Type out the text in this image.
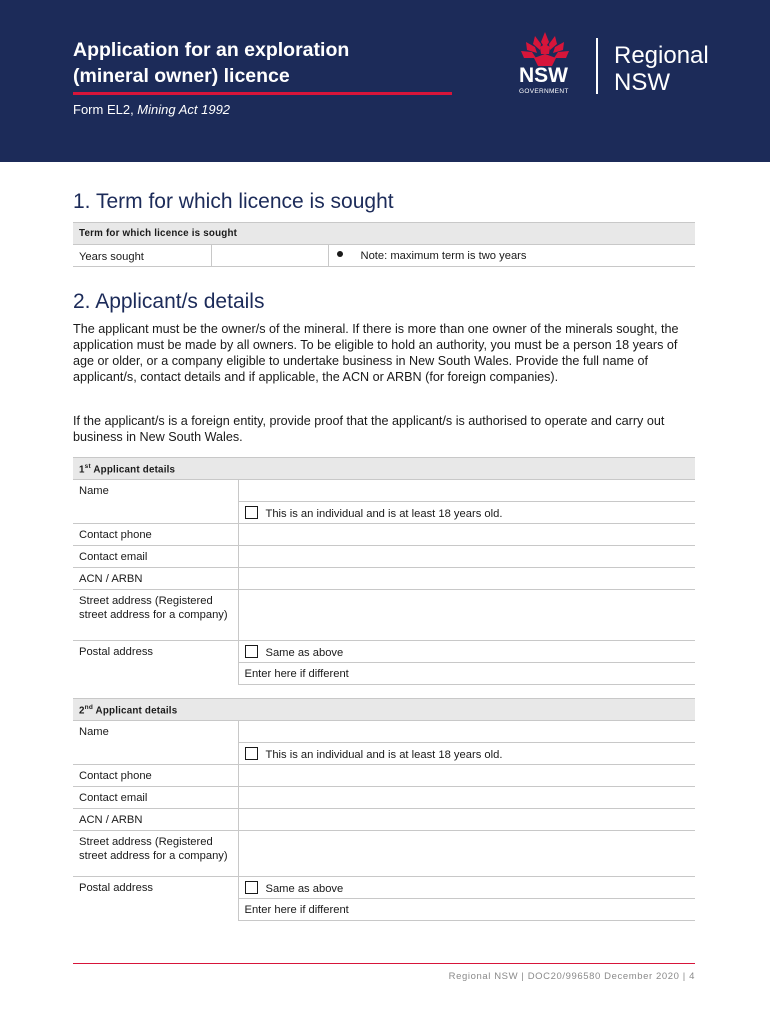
Application for an exploration
(mineral owner) licence
Form EL2, Mining Act 1992
NSW
GOVERNMENT
Regional
NSW
1. Term for which licence is sought
Term for which licence is sought
Years sought		Note: maximum term is two years
2. Applicant/s details

The applicant must be the owner/s of the mineral. If there is more than one owner of the minerals sought, the application must be made by all owners. To be eligible to hold an authority, you must be a person 18 years of age or older, or a company eligible to undertake business in New South Wales. Provide the full name of applicant/s, contact details and if applicable, the ACN or ARBN (for foreign companies).

If the applicant/s is a foreign entity, provide proof that the applicant/s is authorised to operate and carry out business in New South Wales.

1st Applicant details	
Name	
	This is an individual and is at least 18 years old.
Contact phone	
Contact email	
ACN / ARBN	
Street address (Registered street address for a company)	
Postal address	Same as above
	Enter here if different
2nd Applicant details	
Name	
	This is an individual and is at least 18 years old.
Contact phone	
Contact email	
ACN / ARBN	
Street address (Registered street address for a company)	
Postal address	Same as above
	Enter here if different
Regional NSW | DOC20/996580 December 2020 | 4
